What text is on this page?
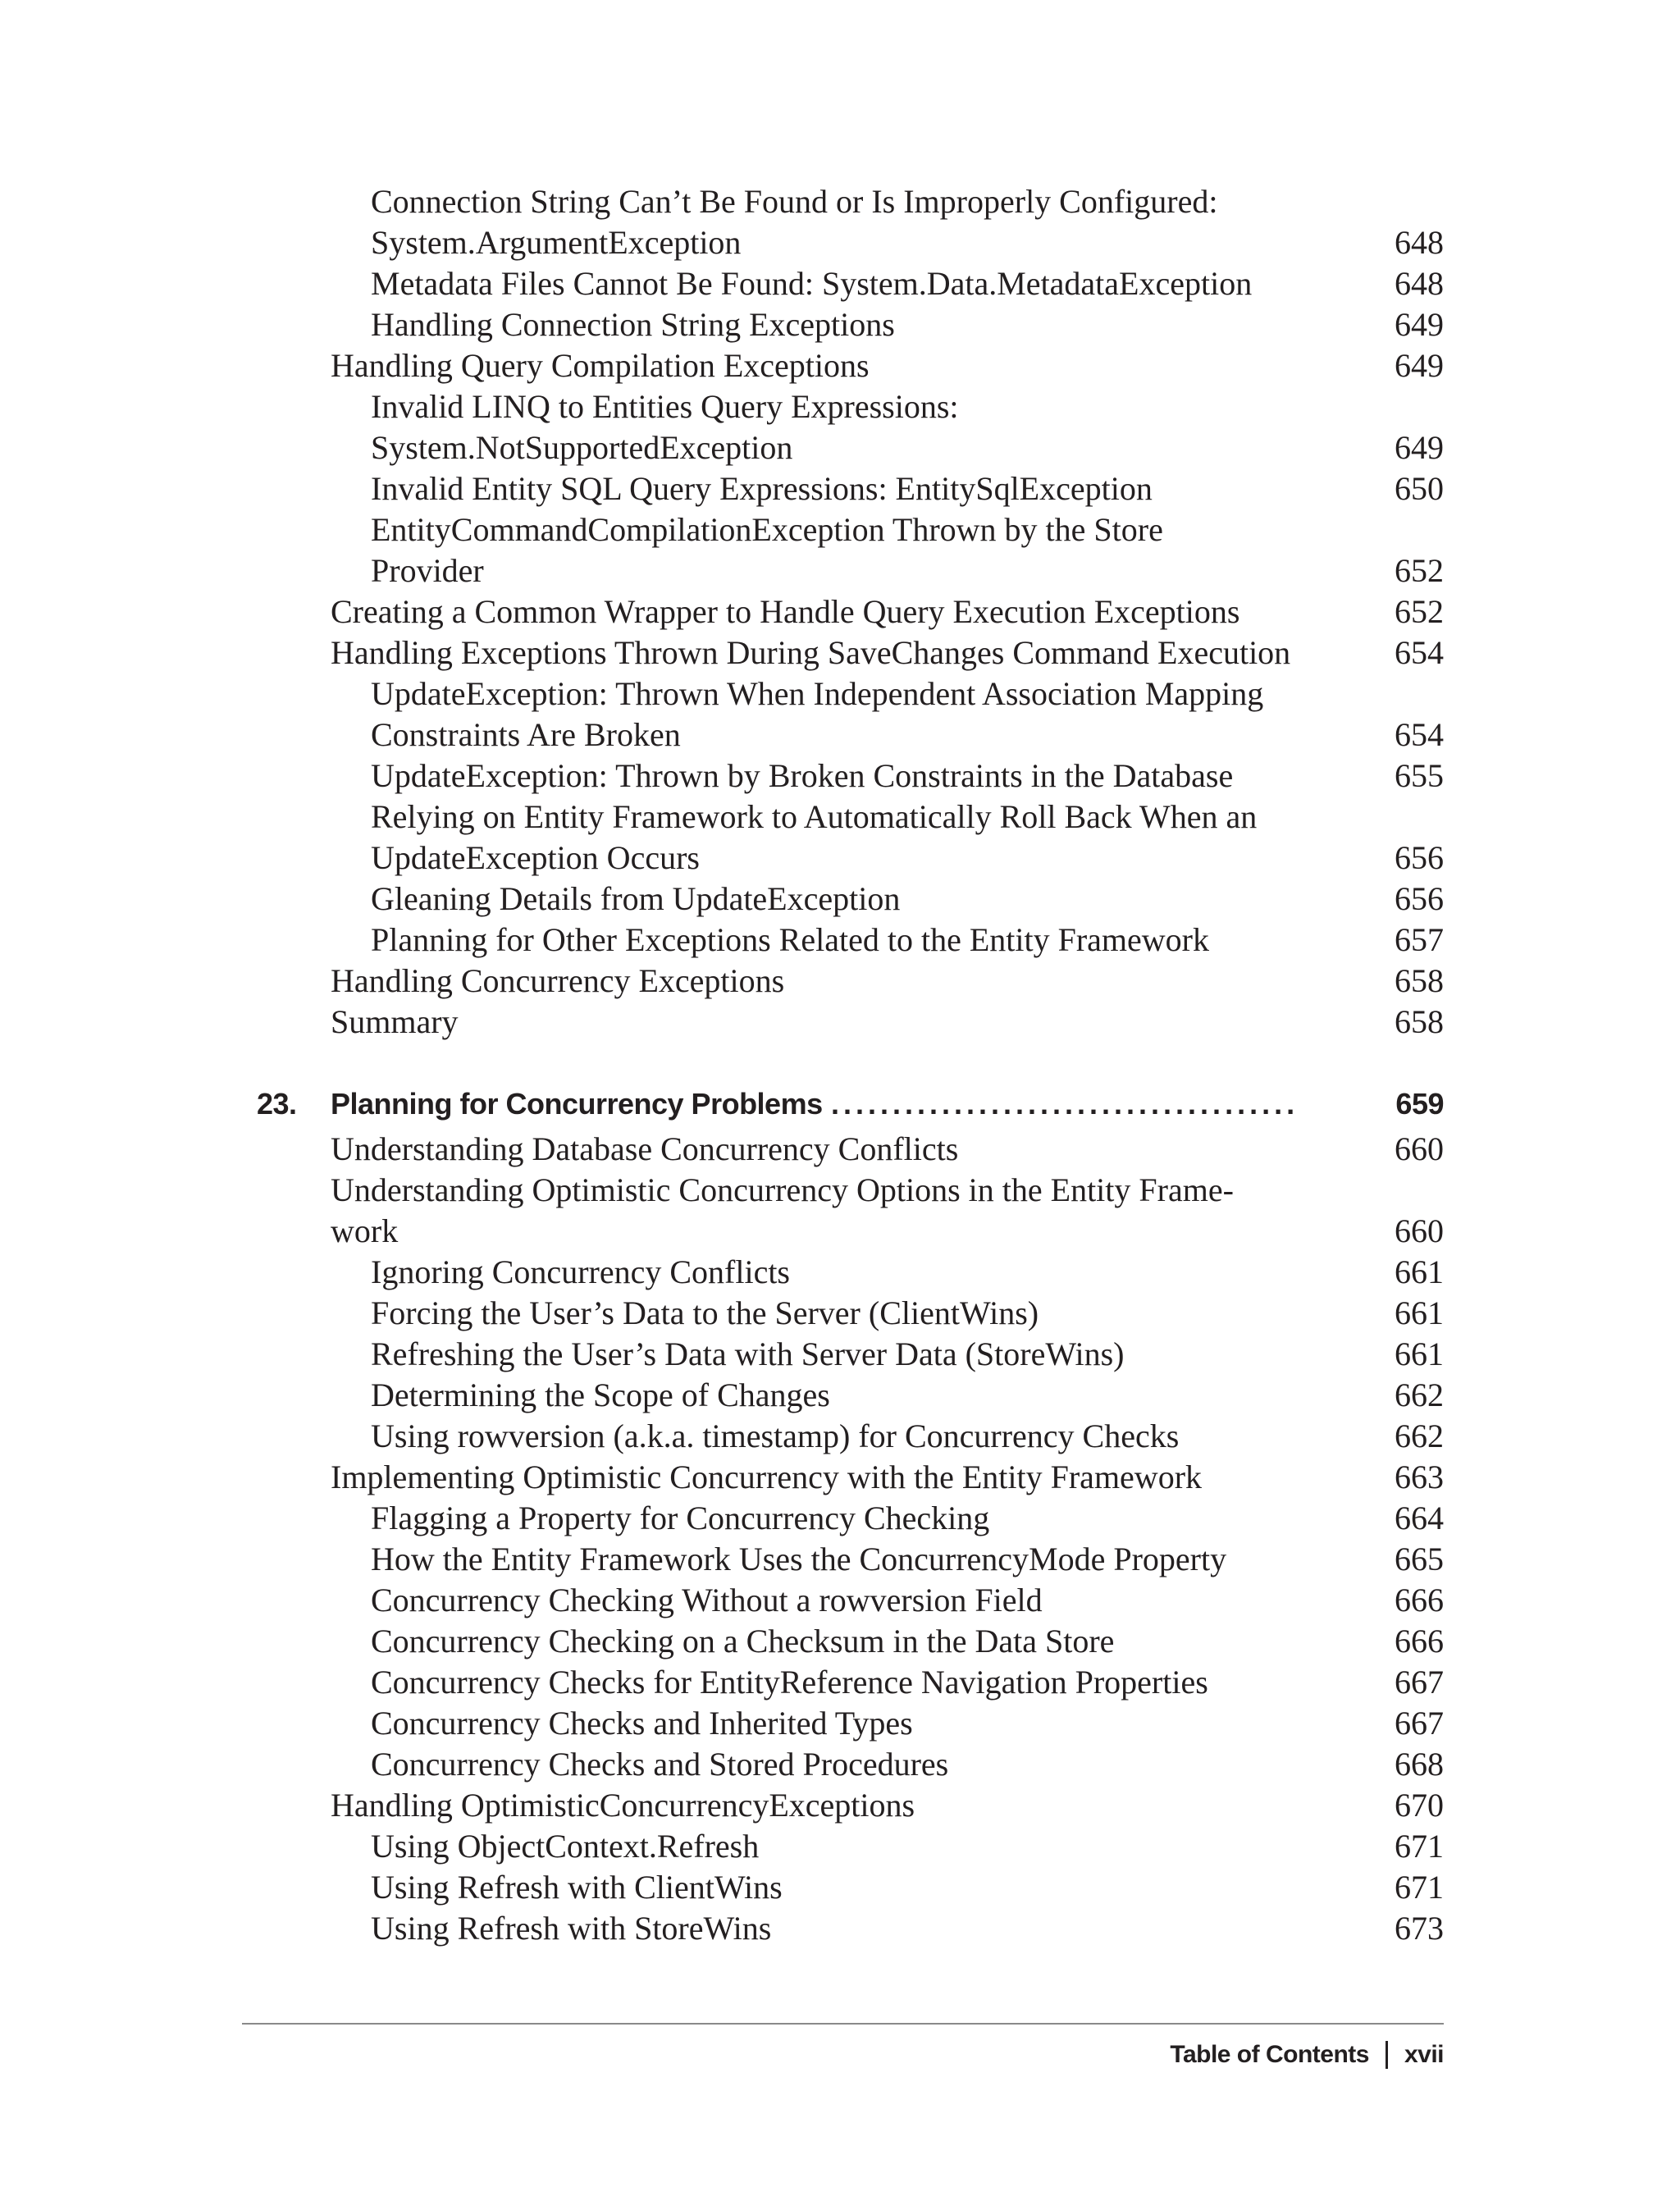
Connection String Can’t Be Found or Is Improperly Configured:
System.ArgumentException	648
Metadata Files Cannot Be Found: System.Data.MetadataException	648
Handling Connection String Exceptions	649
Handling Query Compilation Exceptions	649
Invalid LINQ to Entities Query Expressions:
System.NotSupportedException	649
Invalid Entity SQL Query Expressions: EntitySqlException	650
EntityCommandCompilationException Thrown by the Store
Provider	652
Creating a Common Wrapper to Handle Query Execution Exceptions	652
Handling Exceptions Thrown During SaveChanges Command Execution	654
UpdateException: Thrown When Independent Association Mapping
Constraints Are Broken	654
UpdateException: Thrown by Broken Constraints in the Database	655
Relying on Entity Framework to Automatically Roll Back When an
UpdateException Occurs	656
Gleaning Details from UpdateException	656
Planning for Other Exceptions Related to the Entity Framework	657
Handling Concurrency Exceptions	658
Summary	658
23. Planning for Concurrency Problems ......................................	659
Understanding Database Concurrency Conflicts	660
Understanding Optimistic Concurrency Options in the Entity Frame-
work	660
Ignoring Concurrency Conflicts	661
Forcing the User’s Data to the Server (ClientWins)	661
Refreshing the User’s Data with Server Data (StoreWins)	661
Determining the Scope of Changes	662
Using rowversion (a.k.a. timestamp) for Concurrency Checks	662
Implementing Optimistic Concurrency with the Entity Framework	663
Flagging a Property for Concurrency Checking	664
How the Entity Framework Uses the ConcurrencyMode Property	665
Concurrency Checking Without a rowversion Field	666
Concurrency Checking on a Checksum in the Data Store	666
Concurrency Checks for EntityReference Navigation Properties	667
Concurrency Checks and Inherited Types	667
Concurrency Checks and Stored Procedures	668
Handling OptimisticConcurrencyExceptions	670
Using ObjectContext.Refresh	671
Using Refresh with ClientWins	671
Using Refresh with StoreWins	673
Table of Contents xvii
